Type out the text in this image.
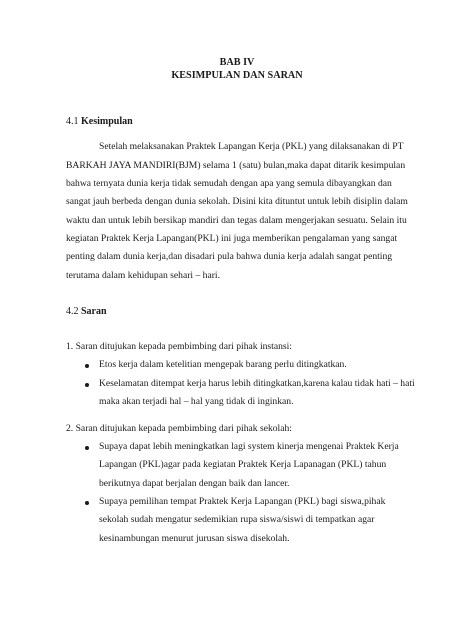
BAB IV
KESIMPULAN DAN SARAN
4.1 Kesimpulan
Setelah melaksanakan Praktek Lapangan Kerja (PKL) yang dilaksanakan di PT
BARKAH JAYA MANDIRI(BJM) selama 1 (satu) bulan,maka dapat ditarik kesimpulan
bahwa ternyata dunia kerja tidak semudah dengan apa yang semula dibayangkan dan
sangat jauh berbeda dengan dunia sekolah. Disini kita dituntut untuk lebih disiplin dalam
waktu dan untuk lebih bersikap mandiri dan tegas dalam mengerjakan sesuatu. Selain itu
kegiatan Praktek Kerja Lapangan(PKL) ini juga memberikan pengalaman yang sangat
penting dalam dunia kerja,dan disadari pula bahwa dunia kerja adalah sangat penting
terutama dalam kehidupan sehari – hari.
4.2 Saran
1. Saran ditujukan kepada pembimbing dari pihak instansi:
Etos kerja dalam ketelitian mengepak barang perlu ditingkatkan.
Keselamatan ditempat kerja harus lebih ditingkatkan,karena kalau tidak hati – hati
maka akan terjadi hal – hal yang tidak di inginkan.
2. Saran ditujukan kepada pembimbing dari pihak sekolah:
Supaya dapat lebih meningkatkan lagi system kinerja mengenai Praktek Kerja
Lapangan (PKL)agar pada kegiatan Praktek Kerja Lapanagan (PKL) tahun
berikutnya dapat berjalan dengan baik dan lancer.
Supaya pemilihan tempat Praktek Kerja Lapangan (PKL) bagi siswa,pihak
sekolah sudah mengatur sedemikian rupa siswa/siswi di tempatkan agar
kesinambungan menurut jurusan siswa disekolah.
